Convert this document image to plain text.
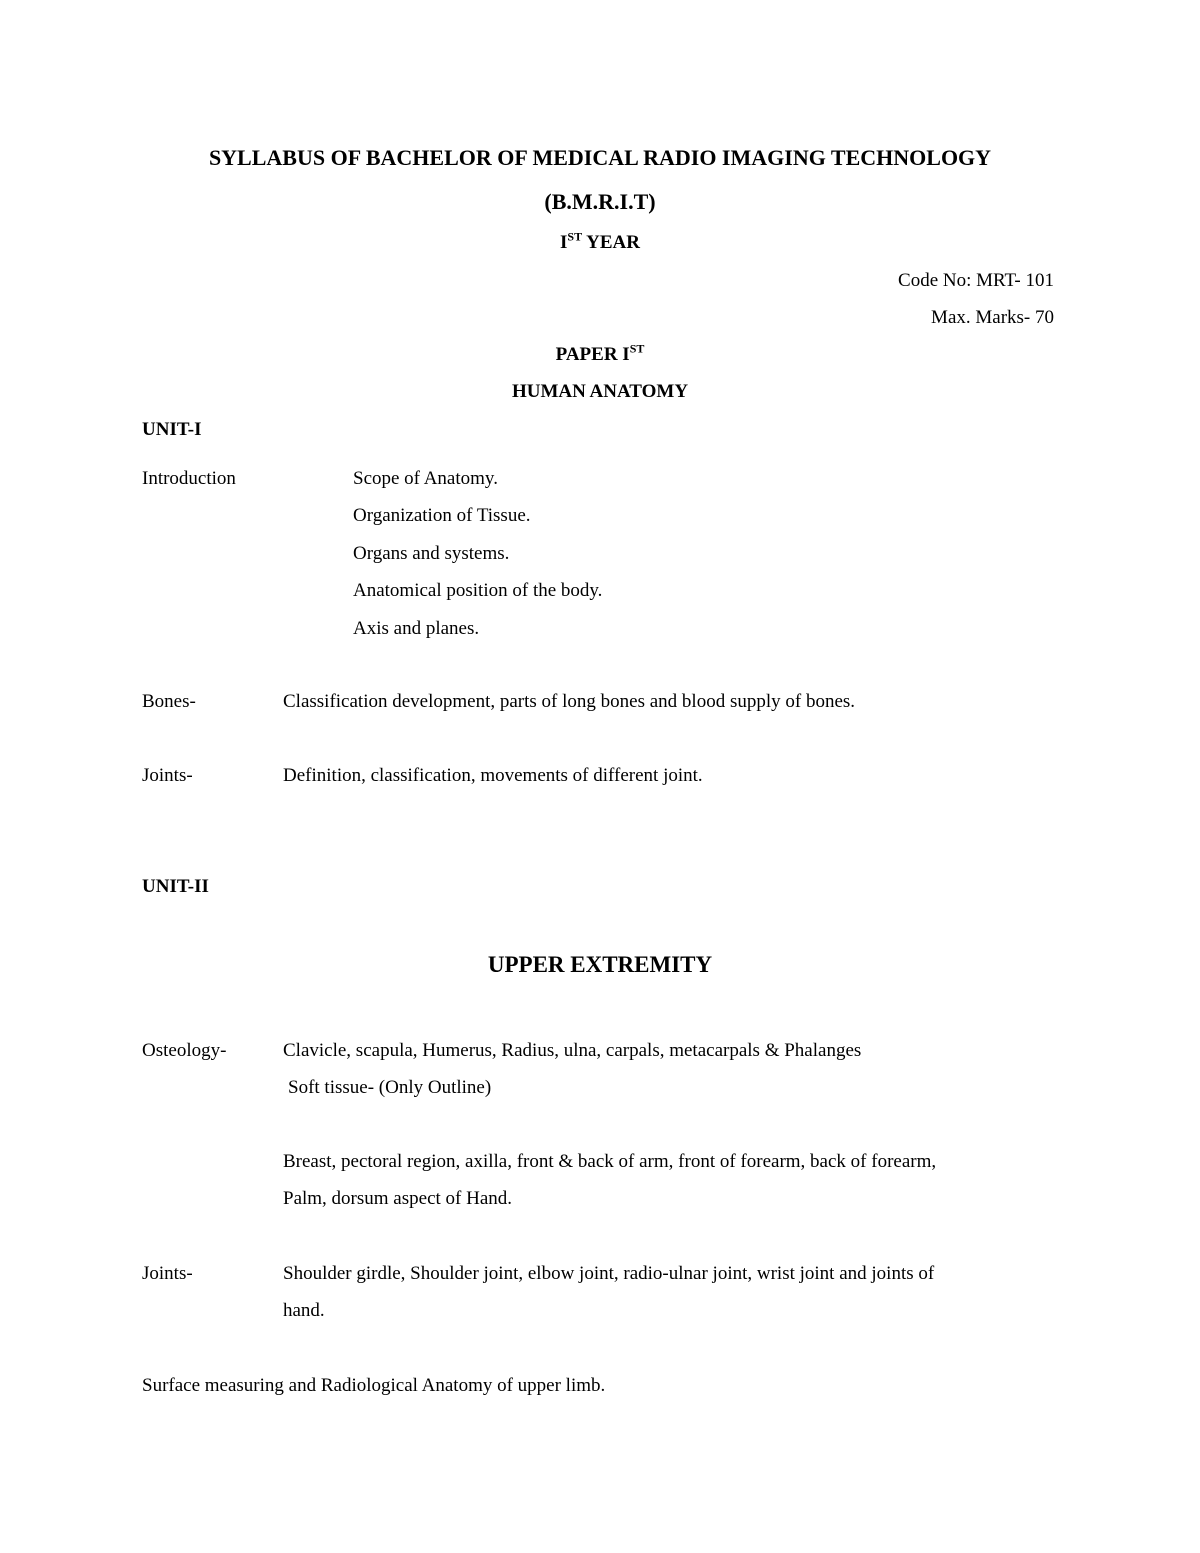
SYLLABUS OF BACHELOR OF MEDICAL RADIO IMAGING TECHNOLOGY
(B.M.R.I.T)
IST YEAR
Code No: MRT- 101
Max. Marks- 70
PAPER IST
HUMAN ANATOMY
UNIT-I
Introduction	Scope of Anatomy.
Organization of Tissue.
Organs and systems.
Anatomical position of the body.
Axis and planes.
Bones-	Classification development, parts of long bones and blood supply of bones.
Joints-	Definition, classification, movements of different joint.
UNIT-II
UPPER EXTREMITY
Osteology-	Clavicle, scapula, Humerus, Radius, ulna, carpals, metacarpals & Phalanges
Soft tissue- (Only Outline)
Breast, pectoral region, axilla, front & back of arm, front of forearm, back of forearm,
Palm, dorsum aspect of Hand.
Joints-	Shoulder girdle, Shoulder joint, elbow joint, radio-ulnar joint, wrist joint and joints of
hand.
Surface measuring and Radiological Anatomy of upper limb.
